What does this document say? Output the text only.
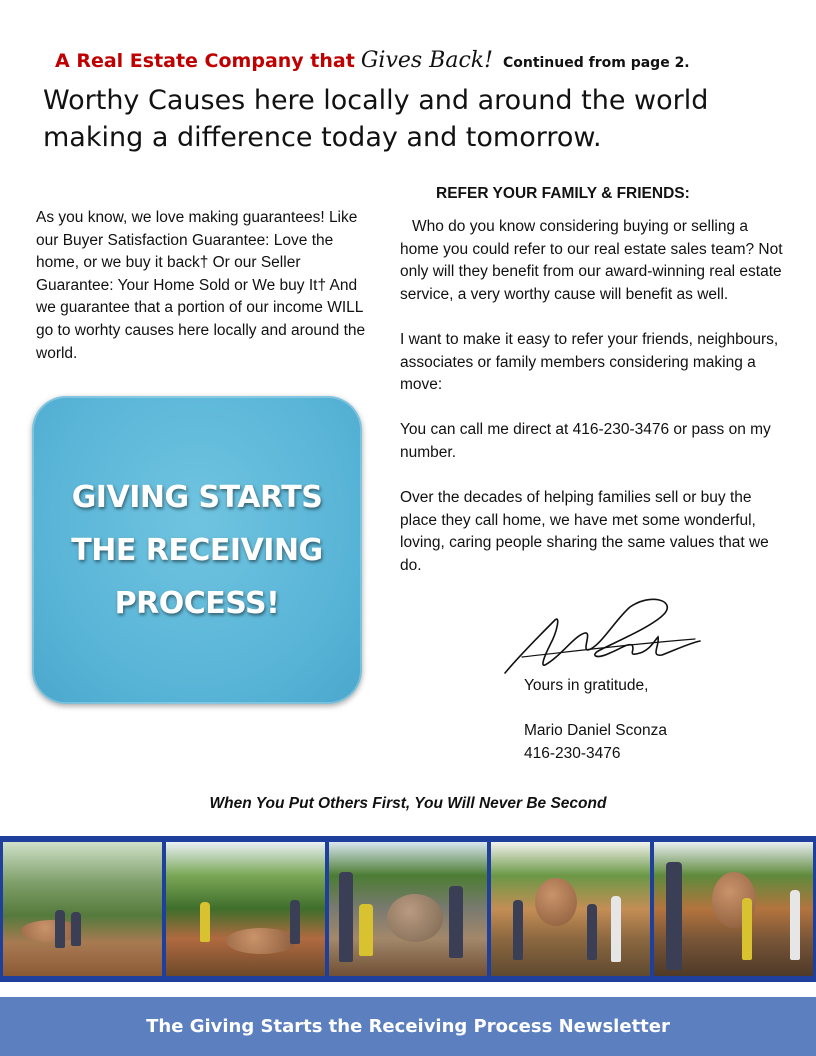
A Real Estate Company that Gives Back! Continued from page 2.
Worthy Causes here locally and around the world making a difference today and tomorrow.
As you know, we love making guarantees! Like our Buyer Satisfaction Guarantee: Love the home, or we buy it back† Or our Seller Guarantee: Your Home Sold or We buy It† And we guarantee that a portion of our income WILL go to worhty causes here locally and around the world.
GIVING STARTS THE RECEIVING PROCESS!
REFER YOUR FAMILY & FRIENDS:

Who do you know considering buying or selling a home you could refer to our real estate sales team? Not only will they benefit from our award-winning real estate service, a very worthy cause will benefit as well.

I want to make it easy to refer your friends, neighbours, associates or family members considering making a move:

You can call me direct at 416-230-3476 or pass on my number.

Over the decades of helping families sell or buy the place they call home, we have met some wonderful, loving, caring people sharing the same values that we do.

Yours in gratitude,
Mario Daniel Sconza
416-230-3476
When You Put Others First, You Will Never Be Second
The Giving Starts the Receiving Process Newsletter
